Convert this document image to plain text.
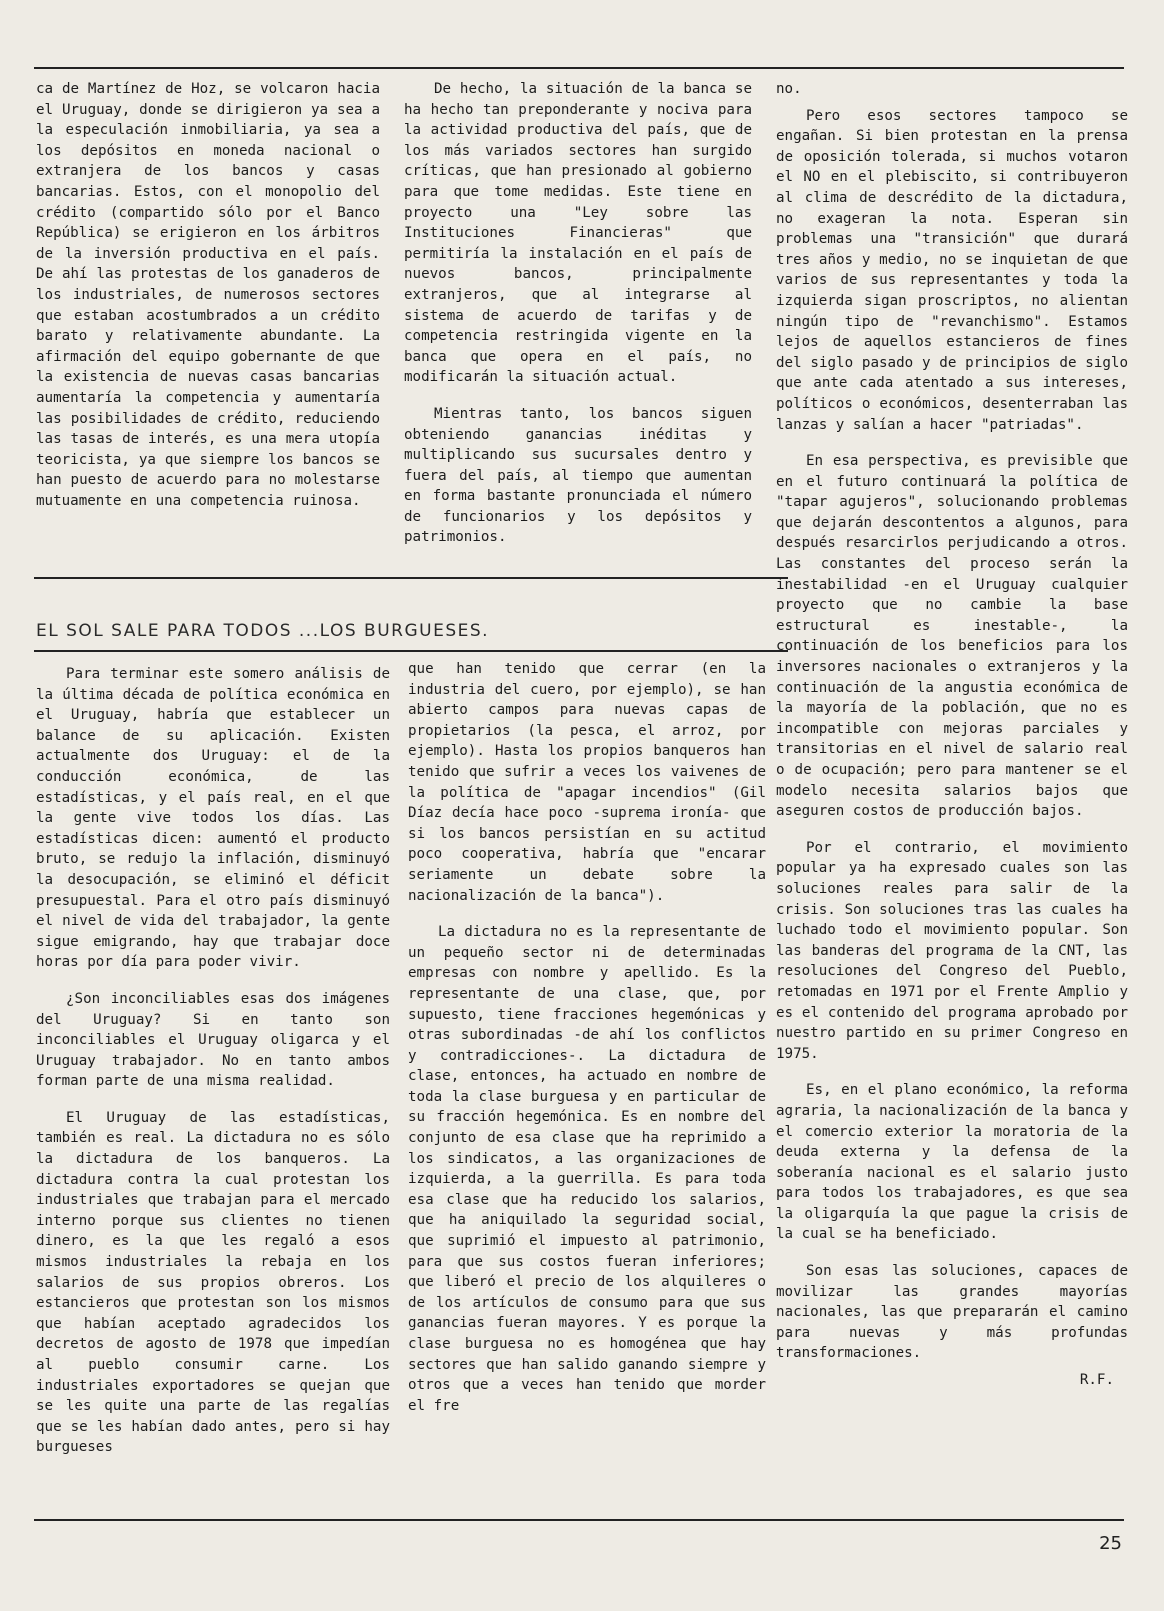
ca de Martínez de Hoz, se volcaron hacia el Uruguay, donde se dirigieron ya sea a la especulación inmobiliaria, ya sea a los depósitos en moneda nacional o extranjera de los bancos y casas bancarias. Estos, con el monopolio del crédito (compartido sólo por el Banco República) se erigieron en los árbitros de la inversión productiva en el país. De ahí las protestas de los ganaderos de los industriales, de numerosos sectores que estaban acostumbrados a un crédito barato y relativamente abundante. La afirmación del equipo gobernante de que la existencia de nuevas casas bancarias aumentaría la competencia y aumentaría las posibilidades de crédito, reduciendo las tasas de interés, es una mera utopía teoricista, ya que siempre los bancos se han puesto de acuerdo para no molestarse mutuamente en una competencia ruinosa.

De hecho, la situación de la banca se ha hecho tan preponderante y nociva para la actividad productiva del país, que de los más variados sectores han surgido críticas, que han presionado al gobierno para que tome medidas. Este tiene en proyecto una "Ley sobre las Instituciones Financieras" que permitiría la instalación en el país de nuevos bancos, principalmente extranjeros, que al integrarse al sistema de acuerdo de tarifas y de competencia restringida vigente en la banca que opera en el país, no modificarán la situación actual.

Mientras tanto, los bancos siguen obteniendo ganancias inéditas y multiplicando sus sucursales dentro y fuera del país, al tiempo que aumentan en forma bastante pronunciada el número de funcionarios y los depósitos y patrimonios.

EL SOL SALE PARA TODOS ...LOS BURGUESES.

Para terminar este somero análisis de la última década de política económica en el Uruguay, habría que establecer un balance de su aplicación. Existen actualmente dos Uruguay: el de la conducción económica, de las estadísticas, y el país real, en el que la gente vive todos los días. Las estadísticas dicen: aumentó el producto bruto, se redujo la inflación, disminuyó la desocupación, se eliminó el déficit presupuestal. Para el otro país disminuyó el nivel de vida del trabajador, la gente sigue emigrando, hay que trabajar doce horas por día para poder vivir.

¿Son inconciliables esas dos imágenes del Uruguay? Si en tanto son inconciliables el Uruguay oligarca y el Uruguay trabajador. No en tanto ambos forman parte de una misma realidad.

El Uruguay de las estadísticas, también es real. La dictadura no es sólo la dictadura de los banqueros. La dictadura contra la cual protestan los industriales que trabajan para el mercado interno porque sus clientes no tienen dinero, es la que les regaló a esos mismos industriales la rebaja en los salarios de sus propios obreros. Los estancieros que protestan son los mismos que habían aceptado agradecidos los decretos de agosto de 1978 que impedían al pueblo consumir carne. Los industriales exportadores se quejan que se les quite una parte de las regalías que se les habían dado antes, pero si hay burgueses

que han tenido que cerrar (en la industria del cuero, por ejemplo), se han abierto campos para nuevas capas de propietarios (la pesca, el arroz, por ejemplo). Hasta los propios banqueros han tenido que sufrir a veces los vaivenes de la política de "apagar incendios" (Gil Díaz decía hace poco -suprema ironía- que si los bancos persistían en su actitud poco cooperativa, habría que "encarar seriamente un debate sobre la nacionalización de la banca").

La dictadura no es la representante de un pequeño sector ni de determinadas empresas con nombre y apellido. Es la representante de una clase, que, por supuesto, tiene fracciones hegemónicas y otras subordinadas -de ahí los conflictos y contradicciones-. La dictadura de clase, entonces, ha actuado en nombre de toda la clase burguesa y en particular de su fracción hegemónica. Es en nombre del conjunto de esa clase que ha reprimido a los sindicatos, a las organizaciones de izquierda, a la guerrilla. Es para toda esa clase que ha reducido los salarios, que ha aniquilado la seguridad social, que suprimió el impuesto al patrimonio, para que sus costos fueran inferiores; que liberó el precio de los alquileres o de los artículos de consumo para que sus ganancias fueran mayores. Y es porque la clase burguesa no es homogénea que hay sectores que han salido ganando siempre y otros que a veces han tenido que morder el fre

no.

Pero esos sectores tampoco se engañan. Si bien protestan en la prensa de oposición tolerada, si muchos votaron el NO en el plebiscito, si contribuyeron al clima de descrédito de la dictadura, no exageran la nota. Esperan sin problemas una "transición" que durará tres años y medio, no se inquietan de que varios de sus representantes y toda la izquierda sigan proscriptos, no alientan ningún tipo de "revanchismo". Estamos lejos de aquellos estancieros de fines del siglo pasado y de principios de siglo que ante cada atentado a sus intereses, políticos o económicos, desenterraban las lanzas y salían a hacer "patriadas".

En esa perspectiva, es previsible que en el futuro continuará la política de "tapar agujeros", solucionando problemas que dejarán descontentos a algunos, para después resarcirlos perjudicando a otros. Las constantes del proceso serán la inestabilidad -en el Uruguay cualquier proyecto que no cambie la base estructural es inestable-, la continuación de los beneficios para los inversores nacionales o extranjeros y la continuación de la angustia económica de la mayoría de la población, que no es incompatible con mejoras parciales y transitorias en el nivel de salario real o de ocupación; pero para mantener se el modelo necesita salarios bajos que aseguren costos de producción bajos.

Por el contrario, el movimiento popular ya ha expresado cuales son las soluciones reales para salir de la crisis. Son soluciones tras las cuales ha luchado todo el movimiento popular. Son las banderas del programa de la CNT, las resoluciones del Congreso del Pueblo, retomadas en 1971 por el Frente Amplio y es el contenido del programa aprobado por nuestro partido en su primer Congreso en 1975.

Es, en el plano económico, la reforma agraria, la nacionalización de la banca y el comercio exterior la moratoria de la deuda externa y la defensa de la soberanía nacional es el salario justo para todos los trabajadores, es que sea la oligarquía la que pague la crisis de la cual se ha beneficiado.

Son esas las soluciones, capaces de movilizar las grandes mayorías nacionales, las que prepararán el camino para nuevas y más profundas transformaciones.

R.F.
25
